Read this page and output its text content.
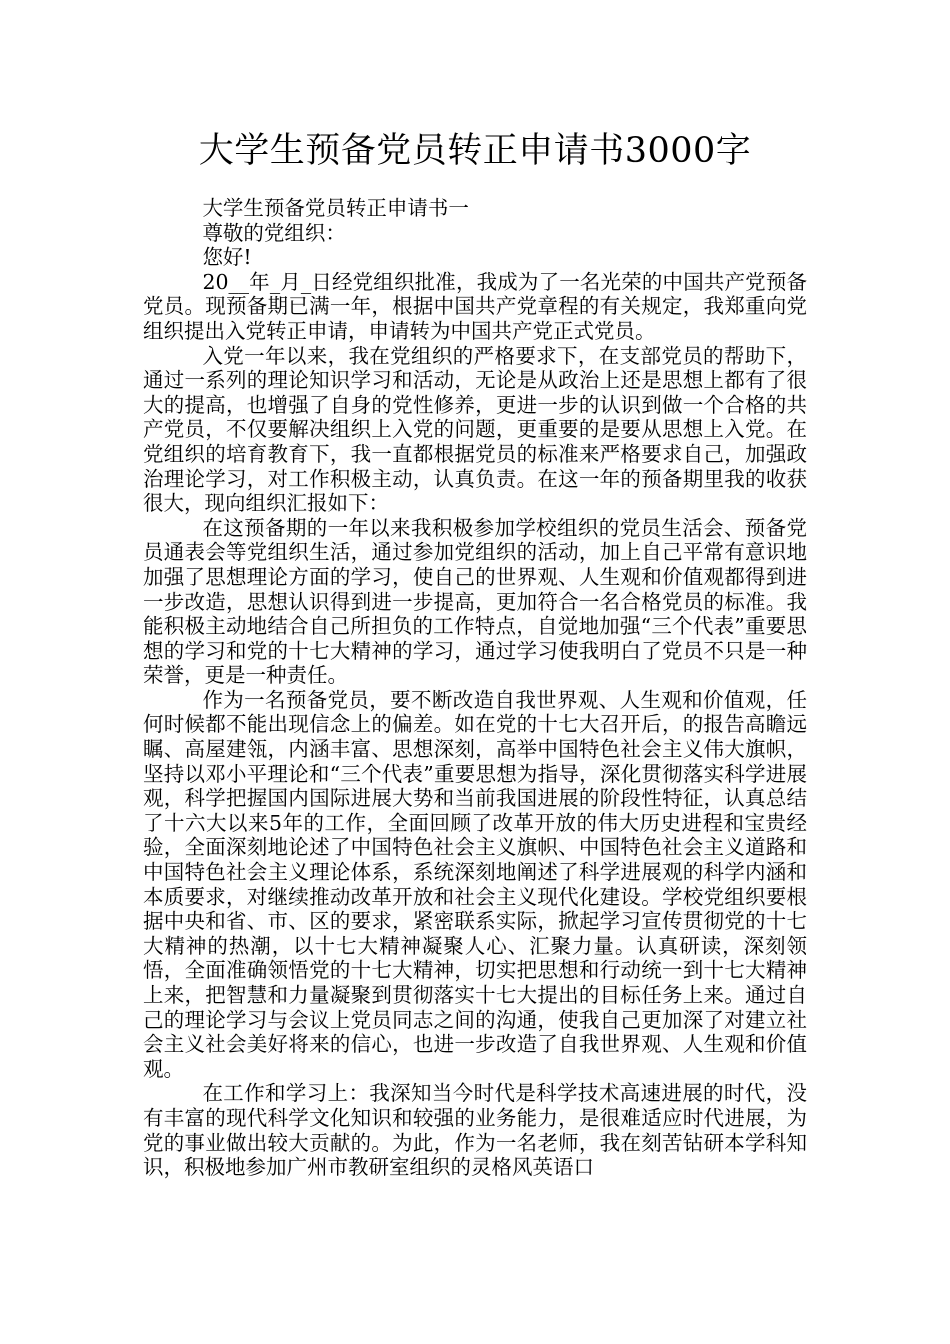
大学生预备党员转正申请书3000字

大学生预备党员转正申请书一

尊敬的党组织：

您好!

20__年_月_日经党组织批准，我成为了一名光荣的中国共产党预备党员。现预备期已满一年，根据中国共产党章程的有关规定，我郑重向党组织提出入党转正申请，申请转为中国共产党正式党员。

入党一年以来，我在党组织的严格要求下，在支部党员的帮助下，通过一系列的理论知识学习和活动，无论是从政治上还是思想上都有了很大的提高，也增强了自身的党性修养，更进一步的认识到做一个合格的共产党员，不仅要解决组织上入党的问题，更重要的是要从思想上入党。在党组织的培育教育下，我一直都根据党员的标准来严格要求自己，加强政治理论学习，对工作积极主动，认真负责。在这一年的预备期里我的收获很大，现向组织汇报如下：

在这预备期的一年以来我积极参加学校组织的党员生活会、预备党员通表会等党组织生活，通过参加党组织的活动，加上自己平常有意识地加强了思想理论方面的学习，使自己的世界观、人生观和价值观都得到进一步改造，思想认识得到进一步提高，更加符合一名合格党员的标准。我能积极主动地结合自己所担负的工作特点，自觉地加强“三个代表”重要思想的学习和党的十七大精神的学习，通过学习使我明白了党员不只是一种荣誉，更是一种责任。

作为一名预备党员，要不断改造自我世界观、人生观和价值观，任何时候都不能出现信念上的偏差。如在党的十七大召开后，的报告高瞻远瞩、高屋建瓴，内涵丰富、思想深刻，高举中国特色社会主义伟大旗帜，坚持以邓小平理论和“三个代表”重要思想为指导，深化贯彻落实科学进展观，科学把握国内国际进展大势和当前我国进展的阶段性特征，认真总结了十六大以来5年的工作，全面回顾了改革开放的伟大历史进程和宝贵经验，全面深刻地论述了中国特色社会主义旗帜、中国特色社会主义道路和中国特色社会主义理论体系，系统深刻地阐述了科学进展观的科学内涵和本质要求，对继续推动改革开放和社会主义现代化建设。学校党组织要根据中央和省、市、区的要求，紧密联系实际，掀起学习宣传贯彻党的十七大精神的热潮，以十七大精神凝聚人心、汇聚力量。认真研读，深刻领悟，全面准确领悟党的十七大精神，切实把思想和行动统一到十七大精神上来，把智慧和力量凝聚到贯彻落实十七大提出的目标任务上来。通过自己的理论学习与会议上党员同志之间的沟通，使我自己更加深了对建立社会主义社会美好将来的信心，也进一步改造了自我世界观、人生观和价值观。

在工作和学习上：我深知当今时代是科学技术高速进展的时代，没有丰富的现代科学文化知识和较强的业务能力，是很难适应时代进展，为党的事业做出较大贡献的。为此，作为一名老师，我在刻苦钻研本学科知识，积极地参加广州市教研室组织的灵格风英语口
